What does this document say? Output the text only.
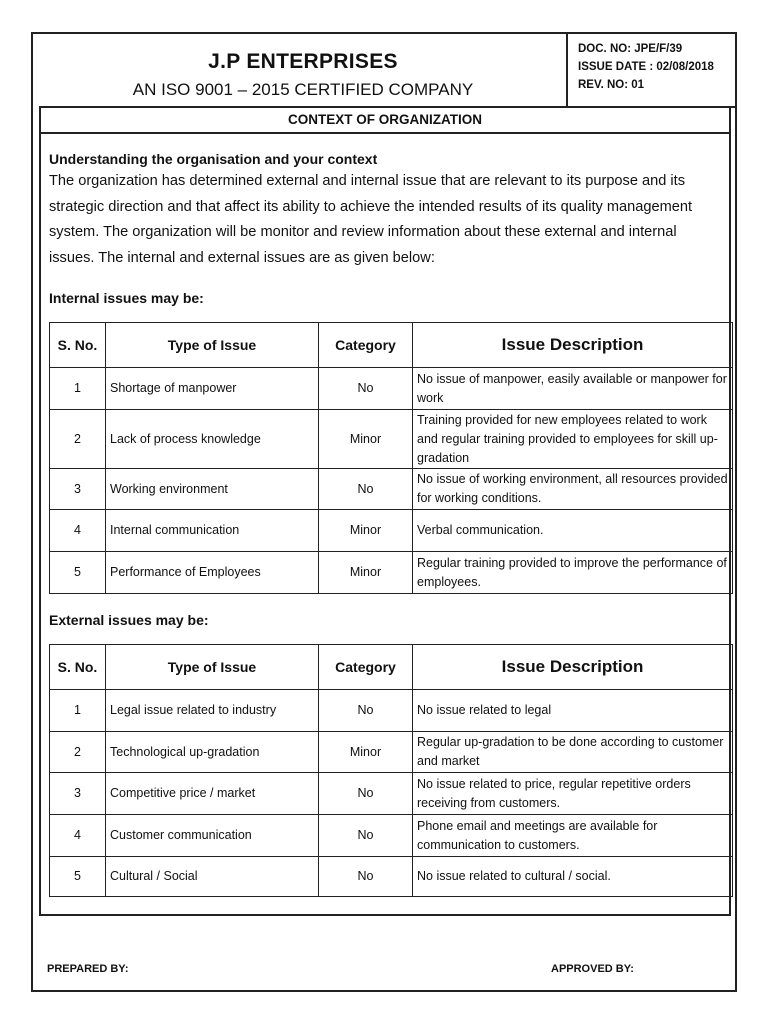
J.P ENTERPRISES
AN ISO 9001 – 2015 CERTIFIED COMPANY
DOC. NO: JPE/F/39
ISSUE DATE : 02/08/2018
REV. NO: 01
CONTEXT OF ORGANIZATION
Understanding the organisation and your context
The organization has determined external and internal issue that are relevant to its purpose and its strategic direction and that affect its ability to achieve the intended results of its quality management system. The organization will be monitor and review information about these external and internal issues. The internal and external issues are as given below:
Internal issues may be:
S. No.	Type of Issue	Category	Issue Description
1	Shortage of manpower	No	No issue of manpower, easily available or manpower for work
2	Lack of process knowledge	Minor	Training provided for new employees related to work and regular training provided to employees for skill up-gradation
3	Working environment	No	No issue of working environment, all resources provided for working conditions.
4	Internal communication	Minor	Verbal communication.
5	Performance of Employees	Minor	Regular training provided to improve the performance of employees.
External issues may be:
S. No.	Type of Issue	Category	Issue Description
1	Legal issue related to industry	No	No issue related to legal
2	Technological up-gradation	Minor	Regular up-gradation to be done according to customer and market
3	Competitive price / market	No	No issue related to price, regular repetitive orders receiving from customers.
4	Customer communication	No	Phone email and meetings are available for communication to customers.
5	Cultural / Social	No	No issue related to cultural / social.
PREPARED BY:	APPROVED BY:
